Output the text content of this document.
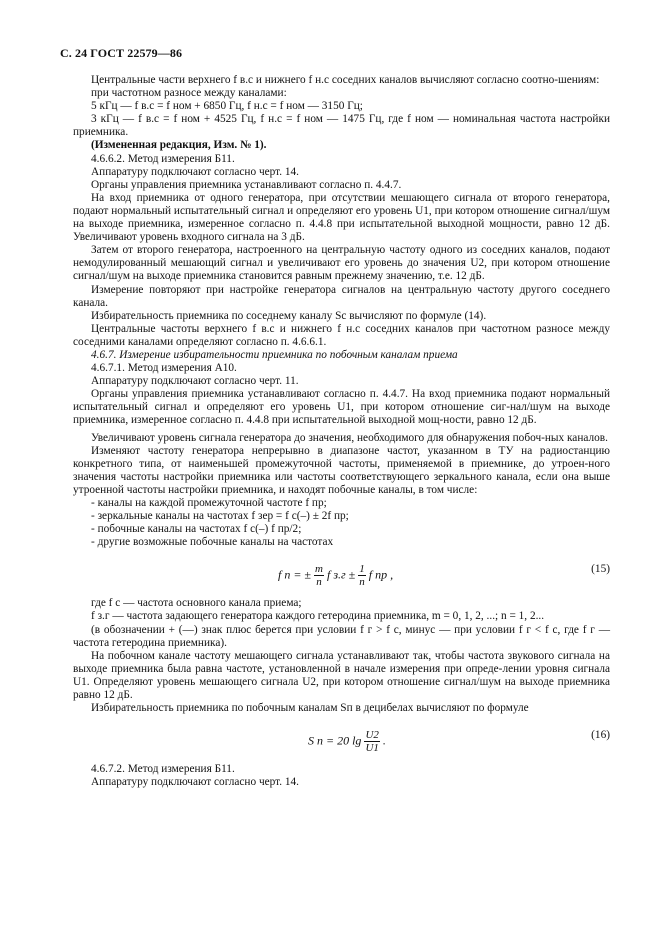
С. 24 ГОСТ 22579—86

Центральные части верхнего f в.с и нижнего f н.с соседних каналов вычисляют согласно соотно-шениям:

при частотном разносе между каналами:

5 кГц — f в.с = f ном + 6850 Гц, f н.с = f ном — 3150 Гц;

3 кГц — f в.с = f ном + 4525 Гц, f н.с = f ном — 1475 Гц, где f ном — номинальная частота настройки приемника.

(Измененная редакция, Изм. № 1).

4.6.6.2. Метод измерения Б11.

Аппаратуру подключают согласно черт. 14.

Органы управления приемника устанавливают согласно п. 4.4.7.

На вход приемника от одного генератора, при отсутствии мешающего сигнала от второго генератора, подают нормальный испытательный сигнал и определяют его уровень U1, при котором отношение сигнал/шум на выходе приемника, измеренное согласно п. 4.4.8 при испытательной выходной мощности, равно 12 дБ. Увеличивают уровень входного сигнала на 3 дБ.

Затем от второго генератора, настроенного на центральную частоту одного из соседних каналов, подают немодулированный мешающий сигнал и увеличивают его уровень до значения U2, при котором отношение сигнал/шум на выходе приемника становится равным прежнему значению, т.е. 12 дБ.

Измерение повторяют при настройке генератора сигналов на центральную частоту другого соседнего канала.

Избирательность приемника по соседнему каналу Sс вычисляют по формуле (14).

Центральные частоты верхнего f в.с и нижнего f н.с соседних каналов при частотном разносе между соседними каналами определяют согласно п. 4.6.6.1.

4.6.7. Измерение избирательности приемника по побочным каналам приема

4.6.7.1. Метод измерения А10.

Аппаратуру подключают согласно черт. 11.

Органы управления приемника устанавливают согласно п. 4.4.7. На вход приемника подают нормальный испытательный сигнал и определяют его уровень U1, при котором отношение сиг-нал/шум на выходе приемника, измеренное согласно п. 4.4.8 при испытательной выходной мощ-ности, равно 12 дБ.

Увеличивают уровень сигнала генератора до значения, необходимого для обнаружения побоч-ных каналов.

Изменяют частоту генератора непрерывно в диапазоне частот, указанном в ТУ на радиостанцию конкретного типа, от наименьшей промежуточной частоты, применяемой в приемнике, до утроен-ного значения частоты настройки приемника или частоты соответствующего зеркального канала, если она выше утроенной частоты настройки приемника, и находят побочные каналы, в том числе:

- каналы на каждой промежуточной частоте f пр;

- зеркальные каналы на частотах f зер = f с(–) ± 2f пр;

- побочные каналы на частотах f с(–) f пр/2;

- другие возможные побочные каналы на частотах

f п = ± $\frac{m}{n}$ f $з.г \pm \frac{1}{n}$ f пр ,	(15)

где f с — частота основного канала приема;

f з.г — частота задающего генератора каждого гетеродина приемника, m = 0, 1, 2, ...; n = 1, 2...

(в обозначении + (—) знак плюс берется при условии f г > f с, минус — при условии f г < f с, где f г — частота гетеродина приемника).

На побочном канале частоту мешающего сигнала устанавливают так, чтобы частота звукового сигнала на выходе приемника была равна частоте, установленной в начале измерения при опреде-лении уровня сигнала U1. Определяют уровень мешающего сигнала U2, при котором отношение сигнал/шум на выходе приемника равно 12 дБ.

Избирательность приемника по побочным каналам Sп в децибелах вычисляют по формуле

S п = 20 $\lg \frac{U2}{U1}$ .	(16)

4.6.7.2. Метод измерения Б11.

Аппаратуру подключают согласно черт. 14.
